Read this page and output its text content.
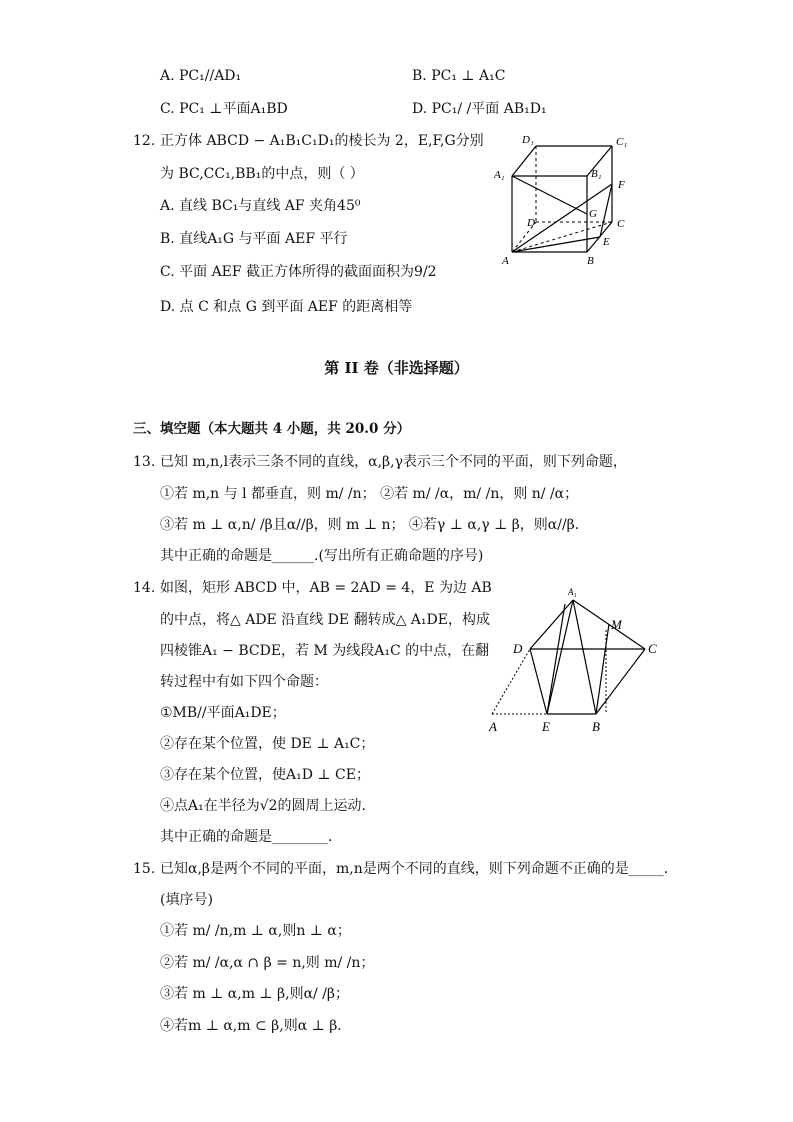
A. PC₁//AD₁	B. PC₁ ⊥ A₁C
C. PC₁ ⊥平面A₁BD	D. PC₁/ /平面 AB₁D₁
12. 正方体 ABCD − A₁B₁C₁D₁的棱长为 2，E,F,G分别
为 BC,CC₁,BB₁的中点，则（ ）
A. 直线 BC₁与直线 AF 夹角45⁰
B. 直线A₁G 与平面 AEF 平行
C. 平面 AEF 截正方体所得的截面面积为9/2
D. 点 C 和点 G 到平面 AEF 的距离相等
D₁	C₁
A₁	B₁
F
G
D	C
E
A	B
第 II 卷（非选择题）
三、填空题（本大题共 4 小题，共 20.0 分）
13. 已知 m,n,l表示三条不同的直线，α,β,γ表示三个不同的平面，则下列命题，
①若 m,n 与 l 都垂直，则 m/ /n； ②若 m/ /α，m/ /n，则 n/ /α；
③若 m ⊥ α,n/ /β且α//β，则 m ⊥ n； ④若γ ⊥ α,γ ⊥ β，则α//β．
其中正确的命题是______.(写出所有正确命题的序号)
14. 如图，矩形 ABCD 中，AB = 2AD = 4，E 为边 AB
的中点，将△ ADE 沿直线 DE 翻转成△ A₁DE，构成
四棱锥A₁ − BCDE，若 M 为线段A₁C 的中点，在翻
转过程中有如下四个命题：
①MB//平面A₁DE；
②存在某个位置，使 DE ⊥ A₁C；
③存在某个位置，使A₁D ⊥ CE；
④点A₁在半径为√2的圆周上运动．
其中正确的命题是________．
A₁
M
D	C
A	E	B
15. 已知α,β是两个不同的平面，m,n是两个不同的直线，则下列命题不正确的是_____．
(填序号)
①若 m/ /n,m ⊥ α,则n ⊥ α；
②若 m/ /α,α ∩ β = n,则 m/ /n；
③若 m ⊥ α,m ⊥ β,则α/ /β；
④若m ⊥ α,m ⊂ β,则α ⊥ β．
